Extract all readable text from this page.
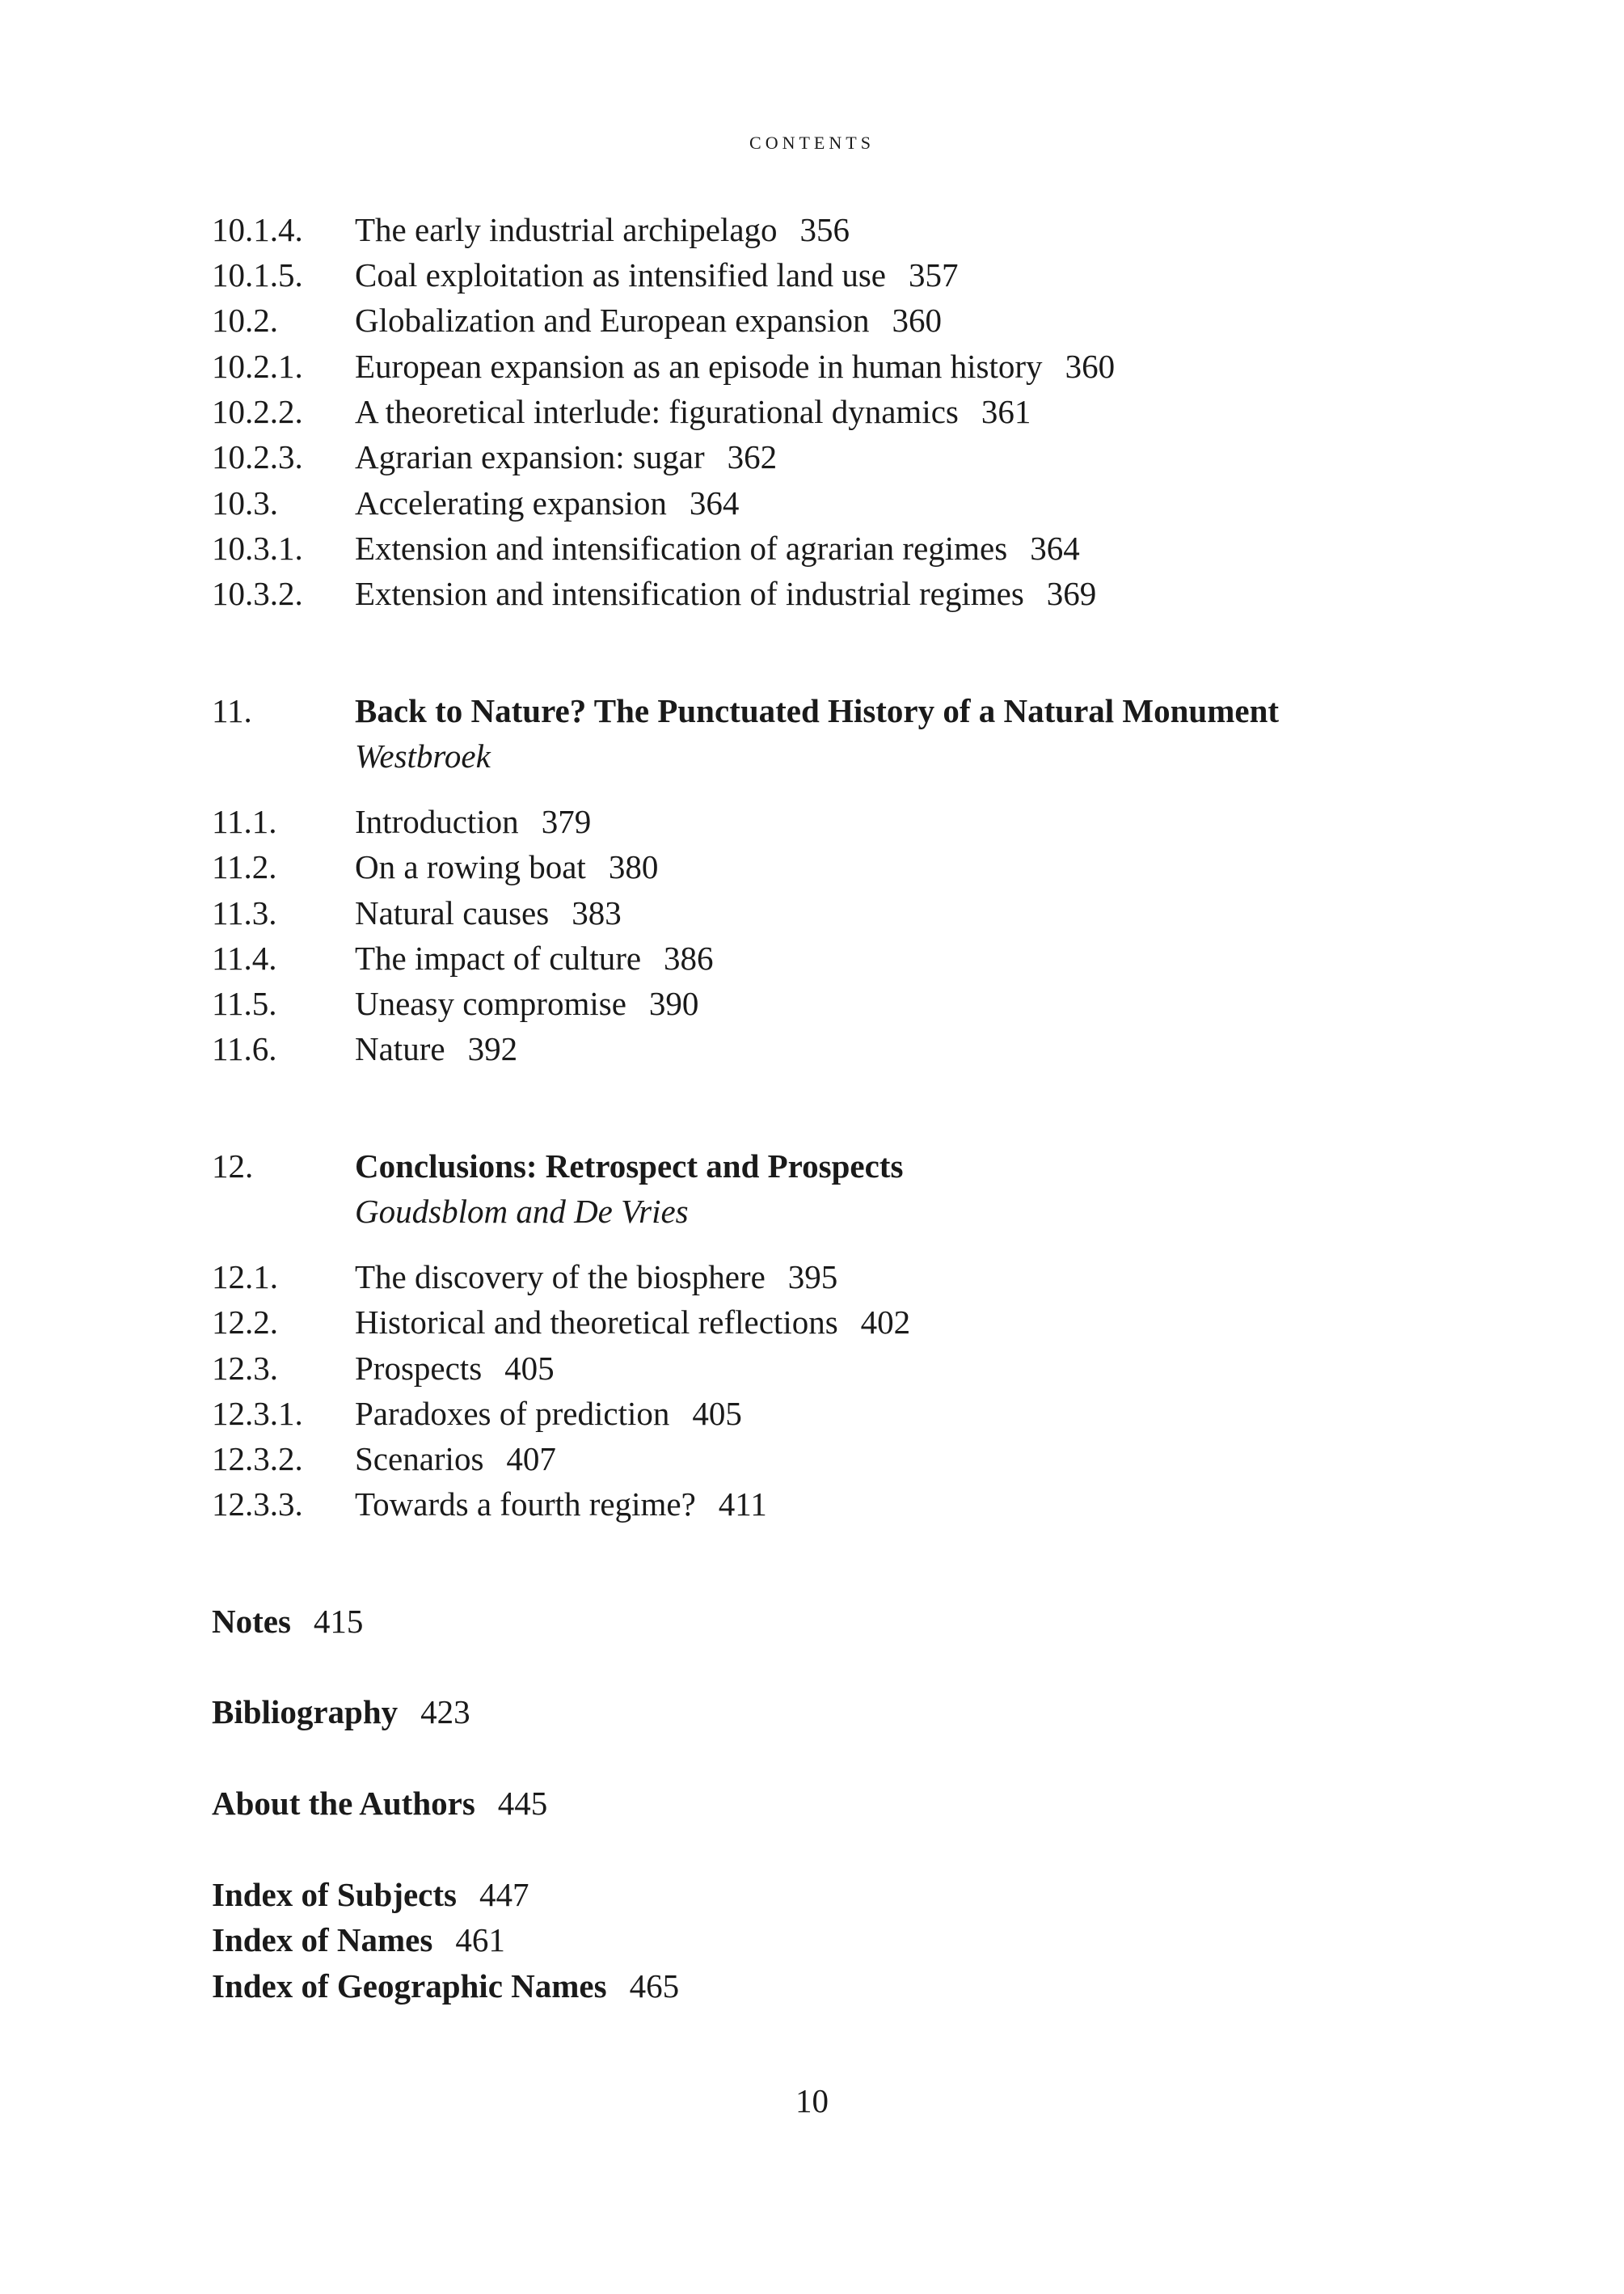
CONTENTS
10.1.4. The early industrial archipelago 356
10.1.5. Coal exploitation as intensified land use 357
10.2. Globalization and European expansion 360
10.2.1. European expansion as an episode in human history 360
10.2.2. A theoretical interlude: figurational dynamics 361
10.2.3. Agrarian expansion: sugar 362
10.3. Accelerating expansion 364
10.3.1. Extension and intensification of agrarian regimes 364
10.3.2. Extension and intensification of industrial regimes 369
11.	Back to Nature? The Punctuated History of a Natural Monument
Westbroek
11.1. Introduction 379
11.2. On a rowing boat 380
11.3. Natural causes 383
11.4. The impact of culture 386
11.5. Uneasy compromise 390
11.6. Nature 392
12.	Conclusions: Retrospect and Prospects
Goudsblom and De Vries
12.1. The discovery of the biosphere 395
12.2. Historical and theoretical reflections 402
12.3. Prospects 405
12.3.1. Paradoxes of prediction 405
12.3.2. Scenarios 407
12.3.3. Towards a fourth regime? 411
Notes 415
Bibliography 423
About the Authors 445
Index of Subjects 447
Index of Names 461
Index of Geographic Names 465
10
